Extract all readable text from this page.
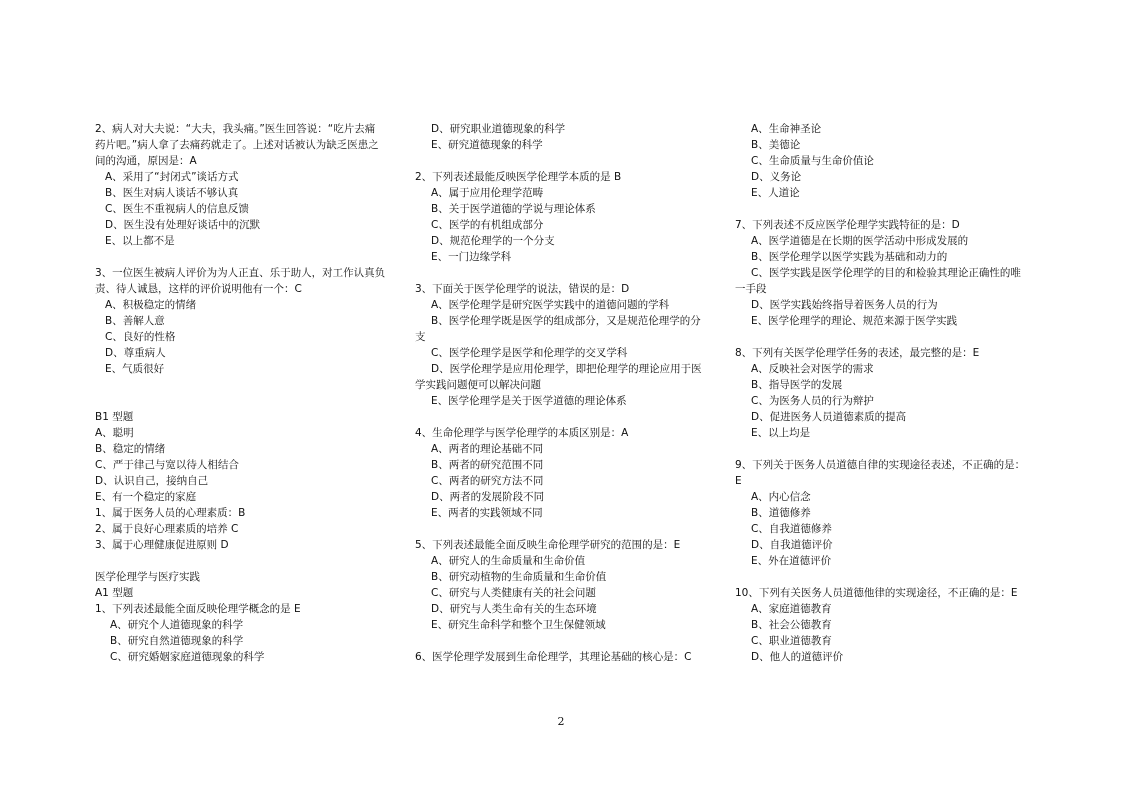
2、病人对大夫说：“大夫，我头痛。”医生回答说：“吃片去痛
药片吧。”病人拿了去痛药就走了。上述对话被认为缺乏医患之
间的沟通，原因是：A
A、采用了“封闭式”谈话方式
B、医生对病人谈话不够认真
C、医生不重视病人的信息反馈
D、医生没有处理好谈话中的沉默
E、以上都不是
3、一位医生被病人评价为为人正直、乐于助人，对工作认真负
责、待人诚恳，这样的评价说明他有一个：C
A、积极稳定的情绪
B、善解人意
C、良好的性格
D、尊重病人
E、气质很好
B1 型题
A、聪明
B、稳定的情绪
C、严于律己与宽以待人相结合
D、认识自己，接纳自己
E、有一个稳定的家庭
1、属于医务人员的心理素质：B
2、属于良好心理素质的培养 C
3、属于心理健康促进原则 D
医学伦理学与医疗实践
A1 型题
1、下列表述最能全面反映伦理学概念的是 E
A、研究个人道德现象的科学
B、研究自然道德现象的科学
C、研究婚姻家庭道德现象的科学
D、研究职业道德现象的科学
E、研究道德现象的科学
2、下列表述最能反映医学伦理学本质的是 B
A、属于应用伦理学范畴
B、关于医学道德的学说与理论体系
C、医学的有机组成部分
D、规范伦理学的一个分支
E、一门边缘学科
3、下面关于医学伦理学的说法，错误的是：D
A、医学伦理学是研究医学实践中的道德问题的学科
B、医学伦理学既是医学的组成部分，又是规范伦理学的分
支
C、医学伦理学是医学和伦理学的交叉学科
D、医学伦理学是应用伦理学，即把伦理学的理论应用于医
学实践问题便可以解决问题
E、医学伦理学是关于医学道德的理论体系
4、生命伦理学与医学伦理学的本质区别是：A
A、两者的理论基础不同
B、两者的研究范围不同
C、两者的研究方法不同
D、两者的发展阶段不同
E、两者的实践领域不同
5、下列表述最能全面反映生命伦理学研究的范围的是：E
A、研究人的生命质量和生命价值
B、研究动植物的生命质量和生命价值
C、研究与人类健康有关的社会问题
D、研究与人类生命有关的生态环境
E、研究生命科学和整个卫生保健领域
6、医学伦理学发展到生命伦理学，其理论基础的核心是：C
A、生命神圣论
B、美德论
C、生命质量与生命价值论
D、义务论
E、人道论
7、下列表述不反应医学伦理学实践特征的是：D
A、医学道德是在长期的医学活动中形成发展的
B、医学伦理学以医学实践为基础和动力的
C、医学实践是医学伦理学的目的和检验其理论正确性的唯
一手段
D、医学实践始终指导着医务人员的行为
E、医学伦理学的理论、规范来源于医学实践
8、下列有关医学伦理学任务的表述，最完整的是：E
A、反映社会对医学的需求
B、指导医学的发展
C、为医务人员的行为辩护
D、促进医务人员道德素质的提高
E、以上均是
9、下列关于医务人员道德自律的实现途径表述，不正确的是：
E
A、内心信念
B、道德修养
C、自我道德修养
D、自我道德评价
E、外在道德评价
10、下列有关医务人员道德他律的实现途径，不正确的是：E
A、家庭道德教育
B、社会公德教育
C、职业道德教育
D、他人的道德评价
2
